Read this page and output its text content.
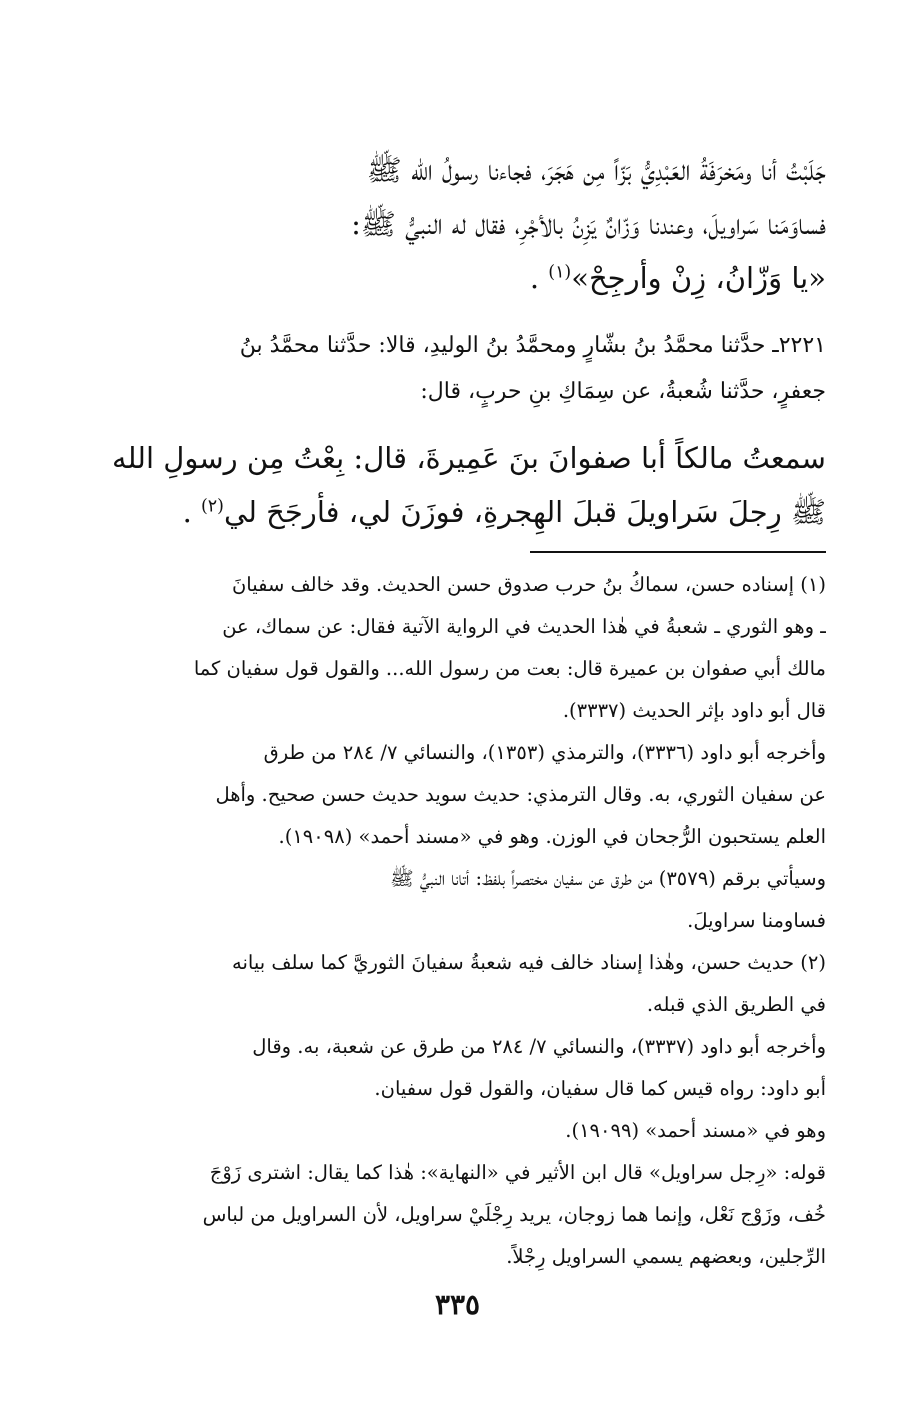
جَلَبْتُ أنا ومَخرَفَةُ العَبْدِيُّ بَزّاً مِن هَجَرَ، فجاءنا رسولُ الله ﷺ
فساوَمَنا سَراويلَ، وعندنا وَزّانٌ يَزِنُ بالأجْرِ، فقال له النبيُّ ﷺ:
«يا وَزّانُ، زِنْ وأرجِحْ»$^{(١)}$ .
٢٢٢١ـ حدَّثنا محمَّدُ بنُ بشّارٍ ومحمَّدُ بنُ الوليدِ، قالا: حدَّثنا محمَّدُ بنُ
جعفرٍ، حدَّثنا شُعبةُ، عن سِمَاكِ بنِ حربٍ، قال:
سمعتُ مالكاً أبا صفوانَ بنَ عَمِيرةَ، قال: بِعْتُ مِن رسولِ الله
ﷺ رِجلَ سَراويلَ قبلَ الهِجرةِ، فوزَنَ لي، فأرجَحَ لي$^{(٢)}$ .
(١) إسناده حسن، سماكُ بنُ حرب صدوق حسن الحديث. وقد خالف سفيانَ
ـ وهو الثوري ـ شعبةُ في هٰذا الحديث في الرواية الآتية فقال: عن سماك، عن
مالك أبي صفوان بن عميرة قال: بعت من رسول الله... والقول قول سفيان كما
قال أبو داود بإثر الحديث (٣٣٣٧).
وأخرجه أبو داود (٣٣٣٦)، والترمذي (١٣٥٣)، والنسائي ٧/ ٢٨٤ من طرق
عن سفيان الثوري، به. وقال الترمذي: حديث سويد حديث حسن صحيح. وأهل
العلم يستحبون الرُّجحان في الوزن. وهو في «مسند أحمد» (١٩٠٩٨).
وسيأتي برقم (٣٥٧٩) من طرق عن سفيان مختصراً بلفظ: أتانا النبيُّ ﷺ
فساومنا سراويلَ.
(٢) حديث حسن، وهٰذا إسناد خالف فيه شعبةُ سفيانَ الثوريَّ كما سلف بيانه
في الطريق الذي قبله.
وأخرجه أبو داود (٣٣٣٧)، والنسائي ٧/ ٢٨٤ من طرق عن شعبة، به. وقال
أبو داود: رواه قيس كما قال سفيان، والقول قول سفيان.
وهو في «مسند أحمد» (١٩٠٩٩).
قوله: «رِجل سراويل» قال ابن الأثير في «النهاية»: هٰذا كما يقال: اشترى زَوْجَ
خُف، وزَوْج نَعْل، وإنما هما زوجان، يريد رِجْلَيْ سراويل، لأن السراويل من لباس
الرِّجلين، وبعضهم يسمي السراويل رِجْلاً.
٣٣٥
